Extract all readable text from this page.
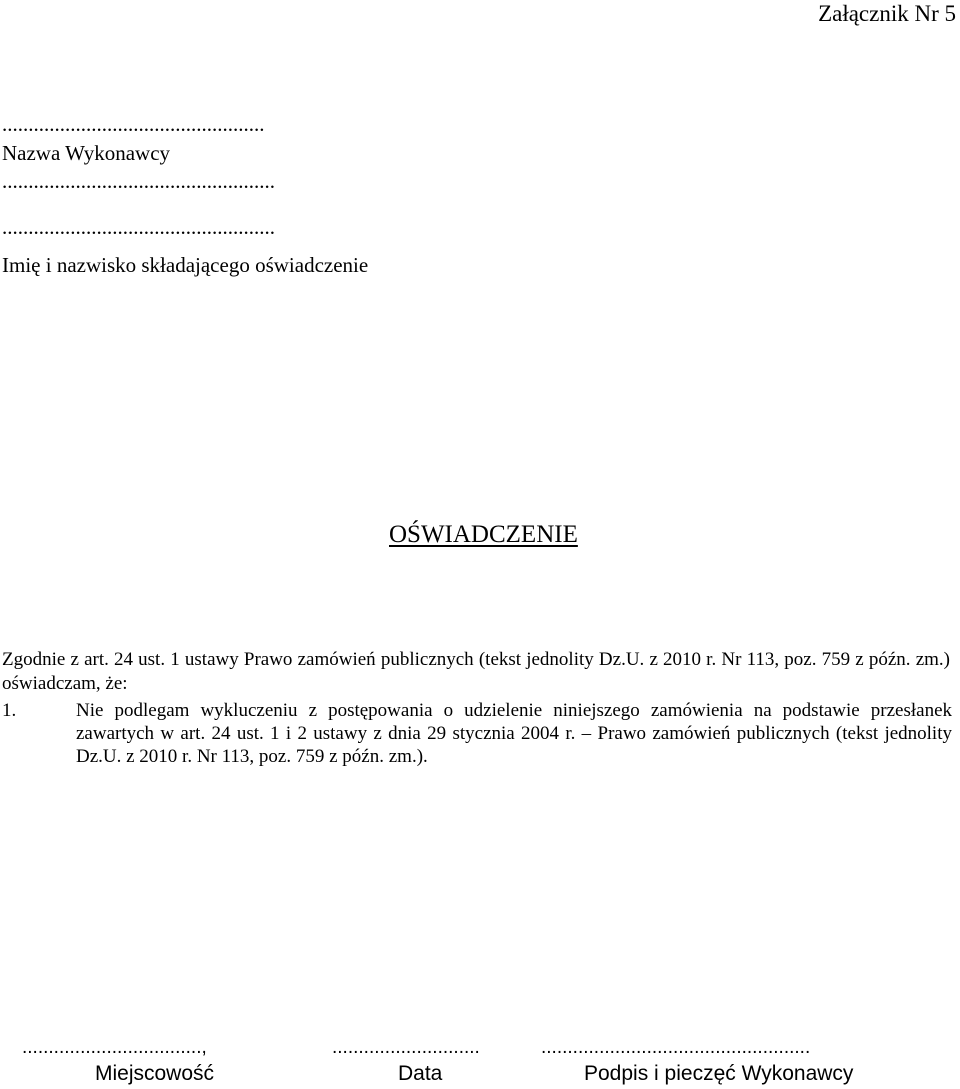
Załącznik Nr 5
..................................................
Nazwa Wykonawcy
....................................................
....................................................
Imię i nazwisko składającego oświadczenie
OŚWIADCZENIE
Zgodnie z art. 24 ust. 1 ustawy Prawo zamówień publicznych (tekst jednolity Dz.U. z 2010 r. Nr 113, poz. 759 z późn. zm.) oświadczam, że:
1.	Nie podlegam wykluczeniu z postępowania o udzielenie niniejszego zamówienia na podstawie przesłanek zawartych w art. 24 ust. 1 i 2 ustawy z dnia 29 stycznia 2004 r. – Prawo zamówień publicznych (tekst jednolity Dz.U. z 2010 r. Nr 113, poz. 759 z późn. zm.).
..................................,	............................	...................................................
Miejscowość	Data	Podpis i pieczęć Wykonawcy
